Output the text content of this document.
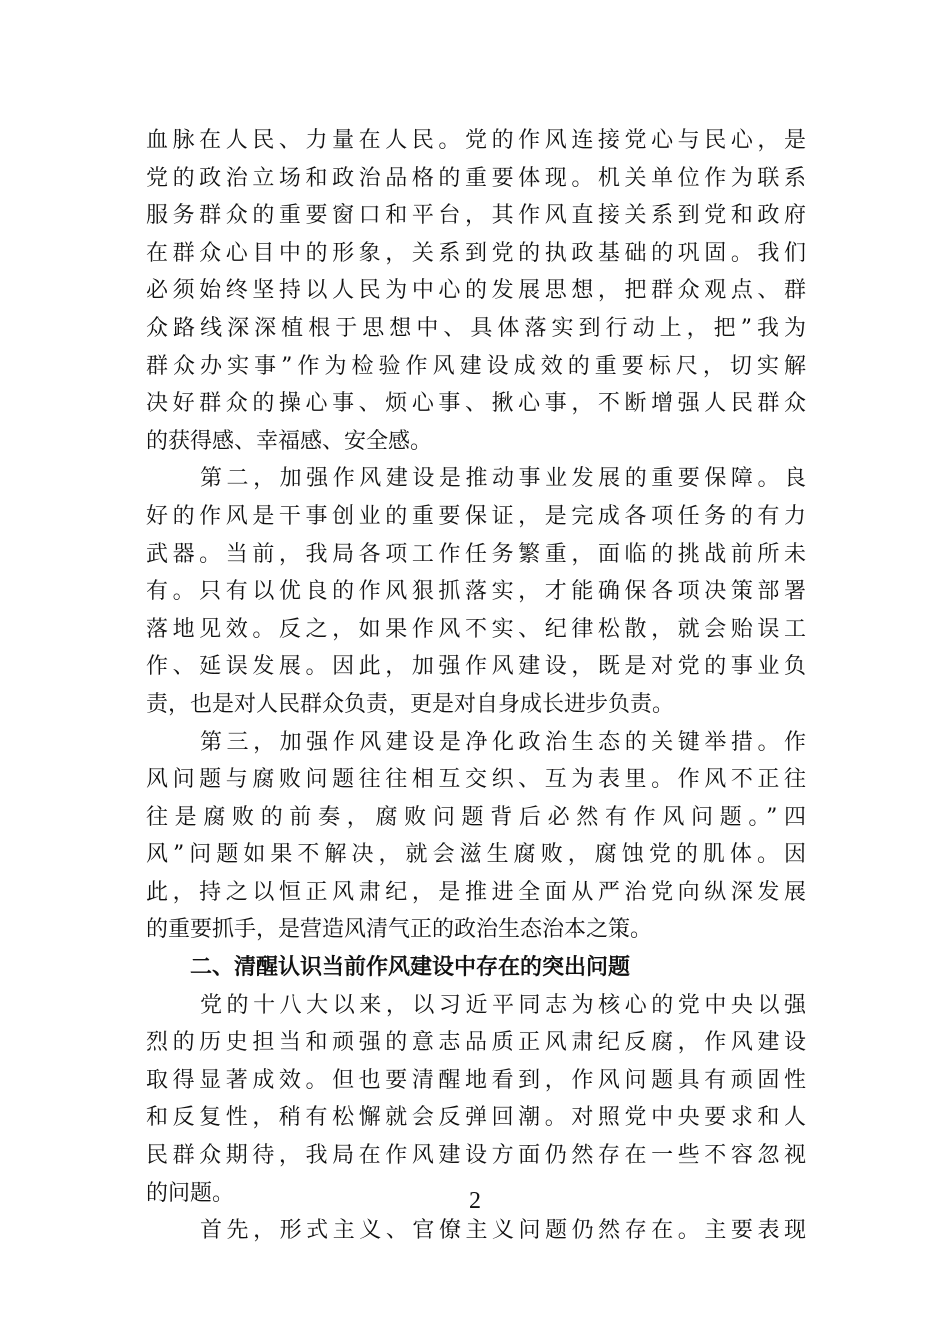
血脉在人民、力量在人民。党的作风连接党心与民心，是
党的政治立场和政治品格的重要体现。机关单位作为联系
服务群众的重要窗口和平台，其作风直接关系到党和政府
在群众心目中的形象，关系到党的执政基础的巩固。我们
必须始终坚持以人民为中心的发展思想，把群众观点、群
众路线深深植根于思想中、具体落实到行动上，把”我为
群众办实事”作为检验作风建设成效的重要标尺，切实解
决好群众的操心事、烦心事、揪心事，不断增强人民群众
的获得感、幸福感、安全感。
第二，加强作风建设是推动事业发展的重要保障。良
好的作风是干事创业的重要保证，是完成各项任务的有力
武器。当前，我局各项工作任务繁重，面临的挑战前所未
有。只有以优良的作风狠抓落实，才能确保各项决策部署
落地见效。反之，如果作风不实、纪律松散，就会贻误工
作、延误发展。因此，加强作风建设，既是对党的事业负
责，也是对人民群众负责，更是对自身成长进步负责。
第三，加强作风建设是净化政治生态的关键举措。作
风问题与腐败问题往往相互交织、互为表里。作风不正往
往是腐败的前奏，腐败问题背后必然有作风问题。”四
风”问题如果不解决，就会滋生腐败，腐蚀党的肌体。因
此，持之以恒正风肃纪，是推进全面从严治党向纵深发展
的重要抓手，是营造风清气正的政治生态治本之策。
二、清醒认识当前作风建设中存在的突出问题
党的十八大以来，以习近平同志为核心的党中央以强
烈的历史担当和顽强的意志品质正风肃纪反腐，作风建设
取得显著成效。但也要清醒地看到，作风问题具有顽固性
和反复性，稍有松懈就会反弹回潮。对照党中央要求和人
民群众期待，我局在作风建设方面仍然存在一些不容忽视
的问题。
首先，形式主义、官僚主义问题仍然存在。主要表现
2
